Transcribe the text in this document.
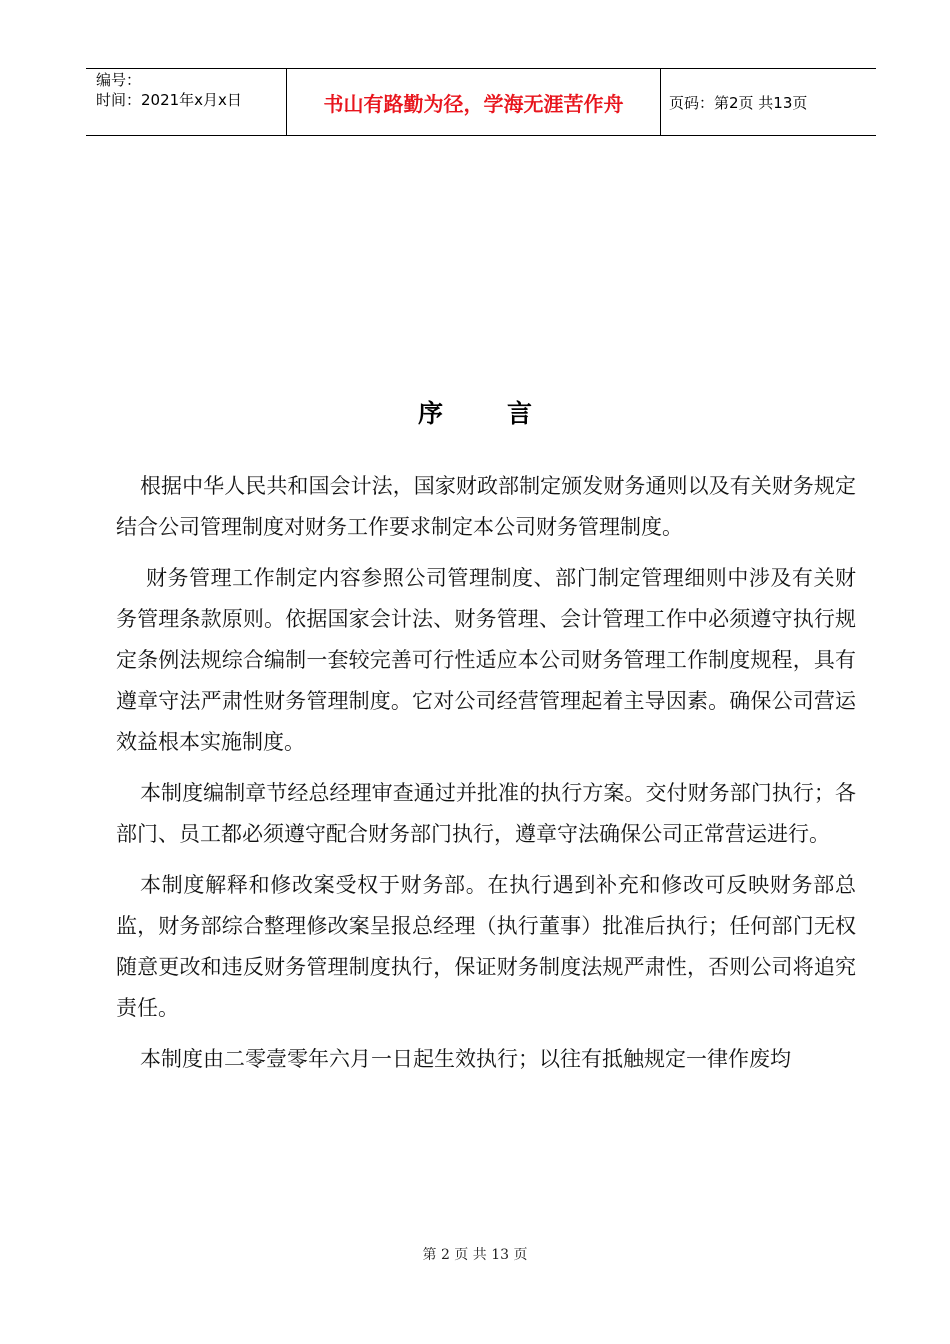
编号：
时间：2021年x月x日	书山有路勤为径，学海无涯苦作舟	页码：第2页 共13页
序	言

根据中华人民共和国会计法，国家财政部制定颁发财务通则以及有关财务规定结合公司管理制度对财务工作要求制定本公司财务管理制度。

财务管理工作制定内容参照公司管理制度、部门制定管理细则中涉及有关财务管理条款原则。依据国家会计法、财务管理、会计管理工作中必须遵守执行规定条例法规综合编制一套较完善可行性适应本公司财务管理工作制度规程，具有遵章守法严肃性财务管理制度。它对公司经营管理起着主导因素。确保公司营运效益根本实施制度。

本制度编制章节经总经理审查通过并批准的执行方案。交付财务部门执行；各部门、员工都必须遵守配合财务部门执行，遵章守法确保公司正常营运进行。

本制度解释和修改案受权于财务部。在执行遇到补充和修改可反映财务部总监，财务部综合整理修改案呈报总经理（执行董事）批准后执行；任何部门无权随意更改和违反财务管理制度执行，保证财务制度法规严肃性，否则公司将追究责任。

本制度由二零壹零年六月一日起生效执行；以往有抵触规定一律作废均

第 2 页 共 13 页
